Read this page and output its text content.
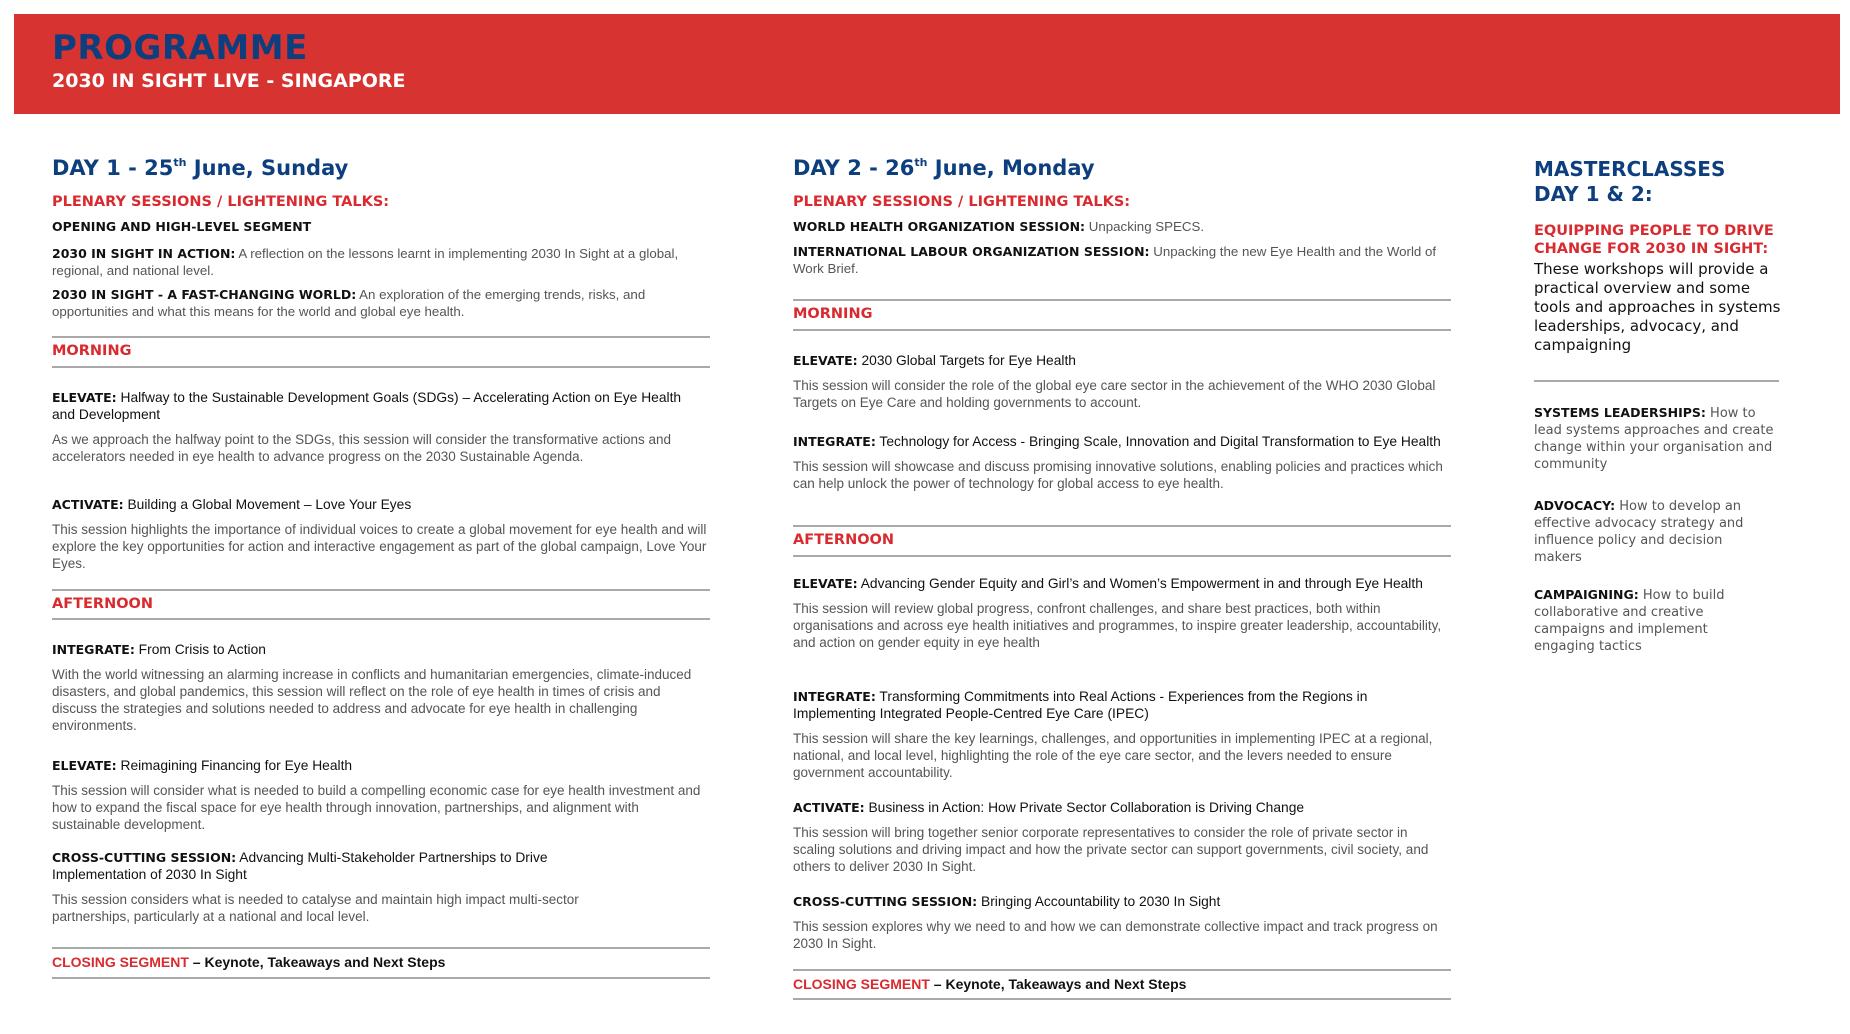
PROGRAMME
2030 IN SIGHT LIVE - SINGAPORE
DAY 1 - 25th June, Sunday
PLENARY SESSIONS / LIGHTENING TALKS:
OPENING AND HIGH-LEVEL SEGMENT
2030 IN SIGHT IN ACTION: A reflection on the lessons learnt in implementing 2030 In Sight at a global, regional, and national level.
2030 IN SIGHT - A FAST-CHANGING WORLD: An exploration of the emerging trends, risks, and opportunities and what this means for the world and global eye health.
MORNING
ELEVATE: Halfway to the Sustainable Development Goals (SDGs) – Accelerating Action on Eye Health and Development
As we approach the halfway point to the SDGs, this session will consider the transformative actions and accelerators needed in eye health to advance progress on the 2030 Sustainable Agenda.
ACTIVATE: Building a Global Movement – Love Your Eyes
This session highlights the importance of individual voices to create a global movement for eye health and will explore the key opportunities for action and interactive engagement as part of the global campaign, Love Your Eyes.
AFTERNOON
INTEGRATE: From Crisis to Action
With the world witnessing an alarming increase in conflicts and humanitarian emergencies, climate-induced disasters, and global pandemics, this session will reflect on the role of eye health in times of crisis and discuss the strategies and solutions needed to address and advocate for eye health in challenging environments.
ELEVATE: Reimagining Financing for Eye Health
This session will consider what is needed to build a compelling economic case for eye health investment and how to expand the fiscal space for eye health through innovation, partnerships, and alignment with sustainable development.
CROSS-CUTTING SESSION: Advancing Multi-Stakeholder Partnerships to Drive Implementation of 2030 In Sight
This session considers what is needed to catalyse and maintain high impact multi-sector partnerships, particularly at a national and local level.
CLOSING SEGMENT – Keynote, Takeaways and Next Steps
DAY 2 - 26th June, Monday
PLENARY SESSIONS / LIGHTENING TALKS:
WORLD HEALTH ORGANIZATION SESSION: Unpacking SPECS.
INTERNATIONAL LABOUR ORGANIZATION SESSION: Unpacking the new Eye Health and the World of Work Brief.
MORNING
ELEVATE: 2030 Global Targets for Eye Health
This session will consider the role of the global eye care sector in the achievement of the WHO 2030 Global Targets on Eye Care and holding governments to account.
INTEGRATE: Technology for Access - Bringing Scale, Innovation and Digital Transformation to Eye Health
This session will showcase and discuss promising innovative solutions, enabling policies and practices which can help unlock the power of technology for global access to eye health.
AFTERNOON
ELEVATE: Advancing Gender Equity and Girl’s and Women’s Empowerment in and through Eye Health
This session will review global progress, confront challenges, and share best practices, both within organisations and across eye health initiatives and programmes, to inspire greater leadership, accountability, and action on gender equity in eye health
INTEGRATE: Transforming Commitments into Real Actions - Experiences from the Regions in Implementing Integrated People-Centred Eye Care (IPEC)
This session will share the key learnings, challenges, and opportunities in implementing IPEC at a regional, national, and local level, highlighting the role of the eye care sector, and the levers needed to ensure government accountability.
ACTIVATE: Business in Action: How Private Sector Collaboration is Driving Change
This session will bring together senior corporate representatives to consider the role of private sector in scaling solutions and driving impact and how the private sector can support governments, civil society, and others to deliver 2030 In Sight.
CROSS-CUTTING SESSION: Bringing Accountability to 2030 In Sight
This session explores why we need to and how we can demonstrate collective impact and track progress on 2030 In Sight.
CLOSING SEGMENT – Keynote, Takeaways and Next Steps
MASTERCLASSES
DAY 1 & 2:
EQUIPPING PEOPLE TO DRIVE CHANGE FOR 2030 IN SIGHT:
These workshops will provide a practical overview and some tools and approaches in systems leaderships, advocacy, and campaigning
SYSTEMS LEADERSHIPS: How to lead systems approaches and create change within your organisation and community
ADVOCACY: How to develop an effective advocacy strategy and influence policy and decision makers
CAMPAIGNING: How to build collaborative and creative campaigns and implement engaging tactics
